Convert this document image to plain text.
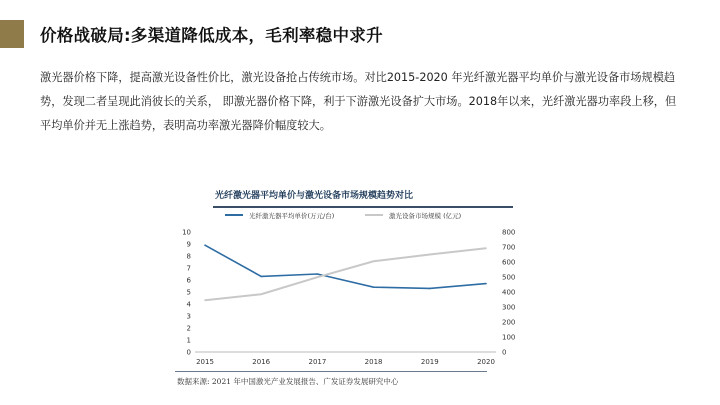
价格战破局:多渠道降低成本，毛利率稳中求升
激光器价格下降，提高激光设备性价比，激光设备抢占传统市场。对比2015-2020 年光纤激光器平均单价与激光设备市场规模趋势，发现二者呈现此消彼长的关系， 即激光器价格下降，利于下游激光设备扩大市场。2018年以来，光纤激光器功率段上移，但平均单价并无上涨趋势，表明高功率激光器降价幅度较大。
光纤激光器平均单价与激光设备市场规模趋势对比
光纤激光器平均单价(万元/台)	激光设备市场规模 (亿元)
0
1
2
3
4
5
6
7
8
9
10
0
100
200
300
400
500
600
700
800
2015	2016	2017	2018	2019	2020
数据来源: 2021 年中国激光产业发展报告、广发证券发展研究中心
